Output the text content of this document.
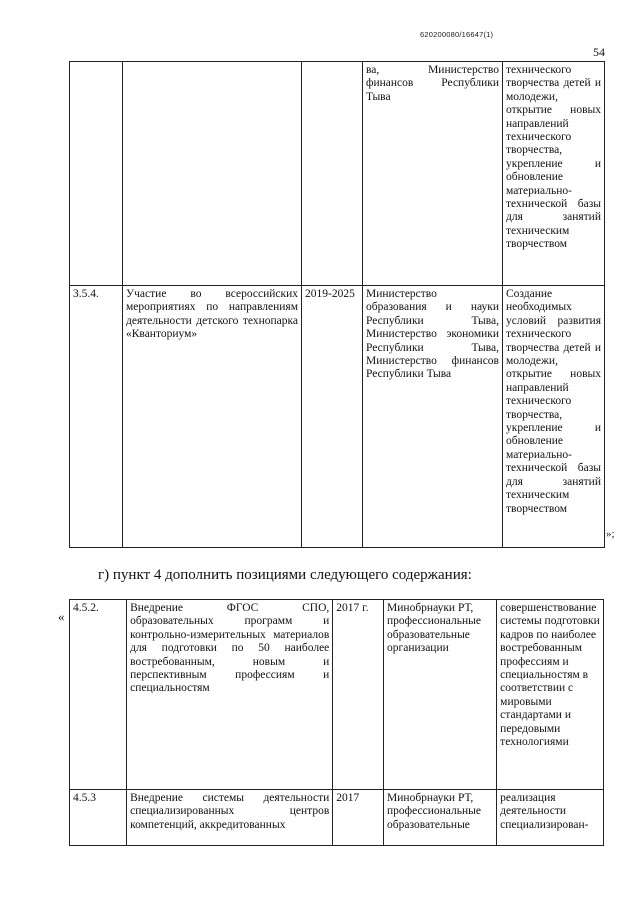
620200080/16647(1)
54
			ва, Министерство финансов Республики Тыва	технического творчества детей и молодежи, открытие новых направлений технического творчества, укрепление и обновление материально-технической базы для занятий техническим творчеством
3.5.4.	Участие во всероссийских мероприятиях по направлениям деятельности детского технопарка «Кванториум»	2019-2025	Министерство образования и науки Республики Тыва, Министерство экономики Республики Тыва, Министерство финансов Республики Тыва	Создание необходимых условий развития технического творчества детей и молодежи, открытие новых направлений технического творчества, укрепление и обновление материально-технической базы для занятий техническим творчеством
»;
г) пункт 4 дополнить позициями следующего содержания:
«
4.5.2.	Внедрение ФГОС СПО, образовательных программ и контрольно-измерительных материалов для подготовки по 50 наиболее востребованным, новым и перспективным профессиям и специальностям	2017 г.	Минобрнауки РТ, профессиональные образовательные организации	совершенствование системы подготовки кадров по наиболее востребованным профессиям и специальностям в соответствии с мировыми стандартами и передовыми технологиями
4.5.3	Внедрение системы деятельности специализированных центров компетенций, аккредитованных	2017	Минобрнауки РТ, профессиональные образовательные	реализация деятельности специализирован-
